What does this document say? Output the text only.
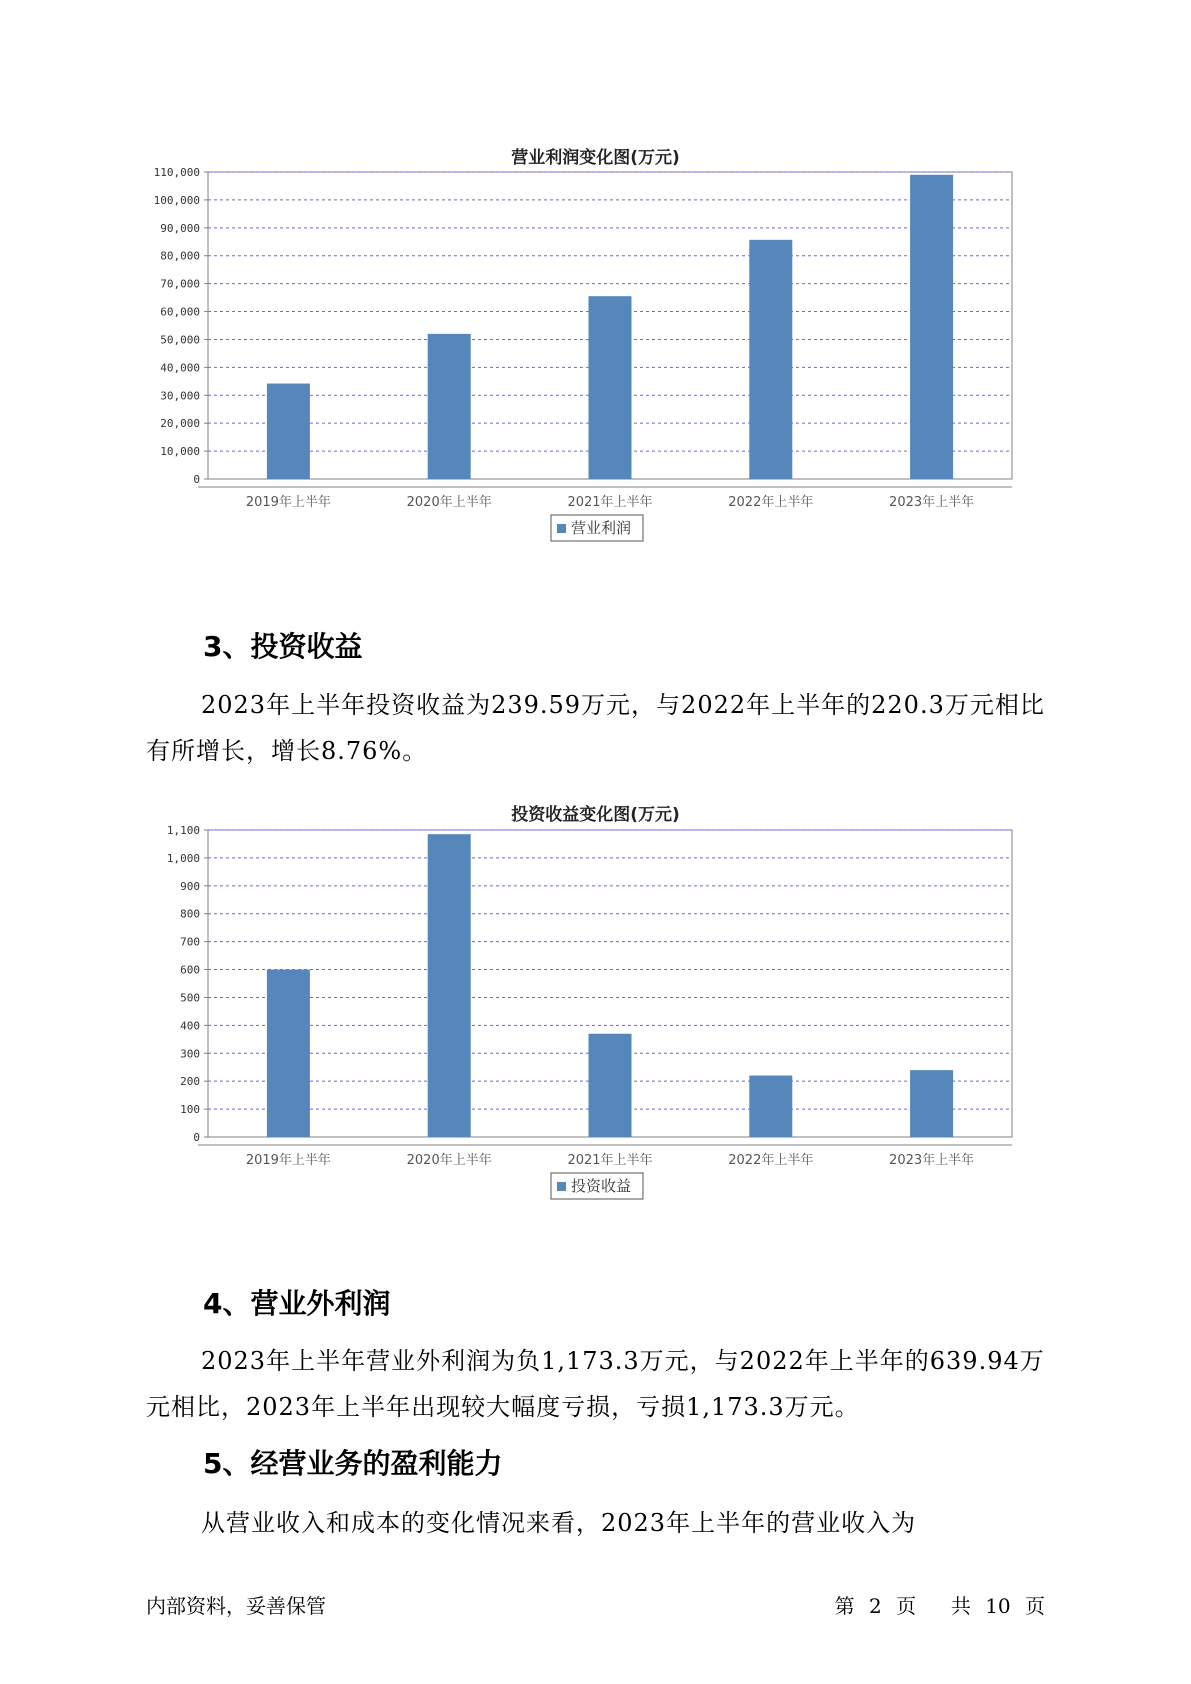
营业利润变化图(万元)
0
10,000
20,000
30,000
40,000
50,000
60,000
70,000
80,000
90,000
100,000
110,000
2019年上半年	2020年上半年	2021年上半年	2022年上半年	2023年上半年
营业利润
3、投资收益
2023年上半年投资收益为239.59万元，与2022年上半年的220.3万元相比有所增长，增长8.76%。
投资收益变化图(万元)
0
100
200
300
400
500
600
700
800
900
1,000
1,100
2019年上半年	2020年上半年	2021年上半年	2022年上半年	2023年上半年
投资收益
4、营业外利润
2023年上半年营业外利润为负1,173.3万元，与2022年上半年的639.94万元相比，2023年上半年出现较大幅度亏损，亏损1,173.3万元。
5、经营业务的盈利能力
从营业收入和成本的变化情况来看，2023年上半年的营业收入为
内部资料，妥善保管	第 2 页 共 10 页
